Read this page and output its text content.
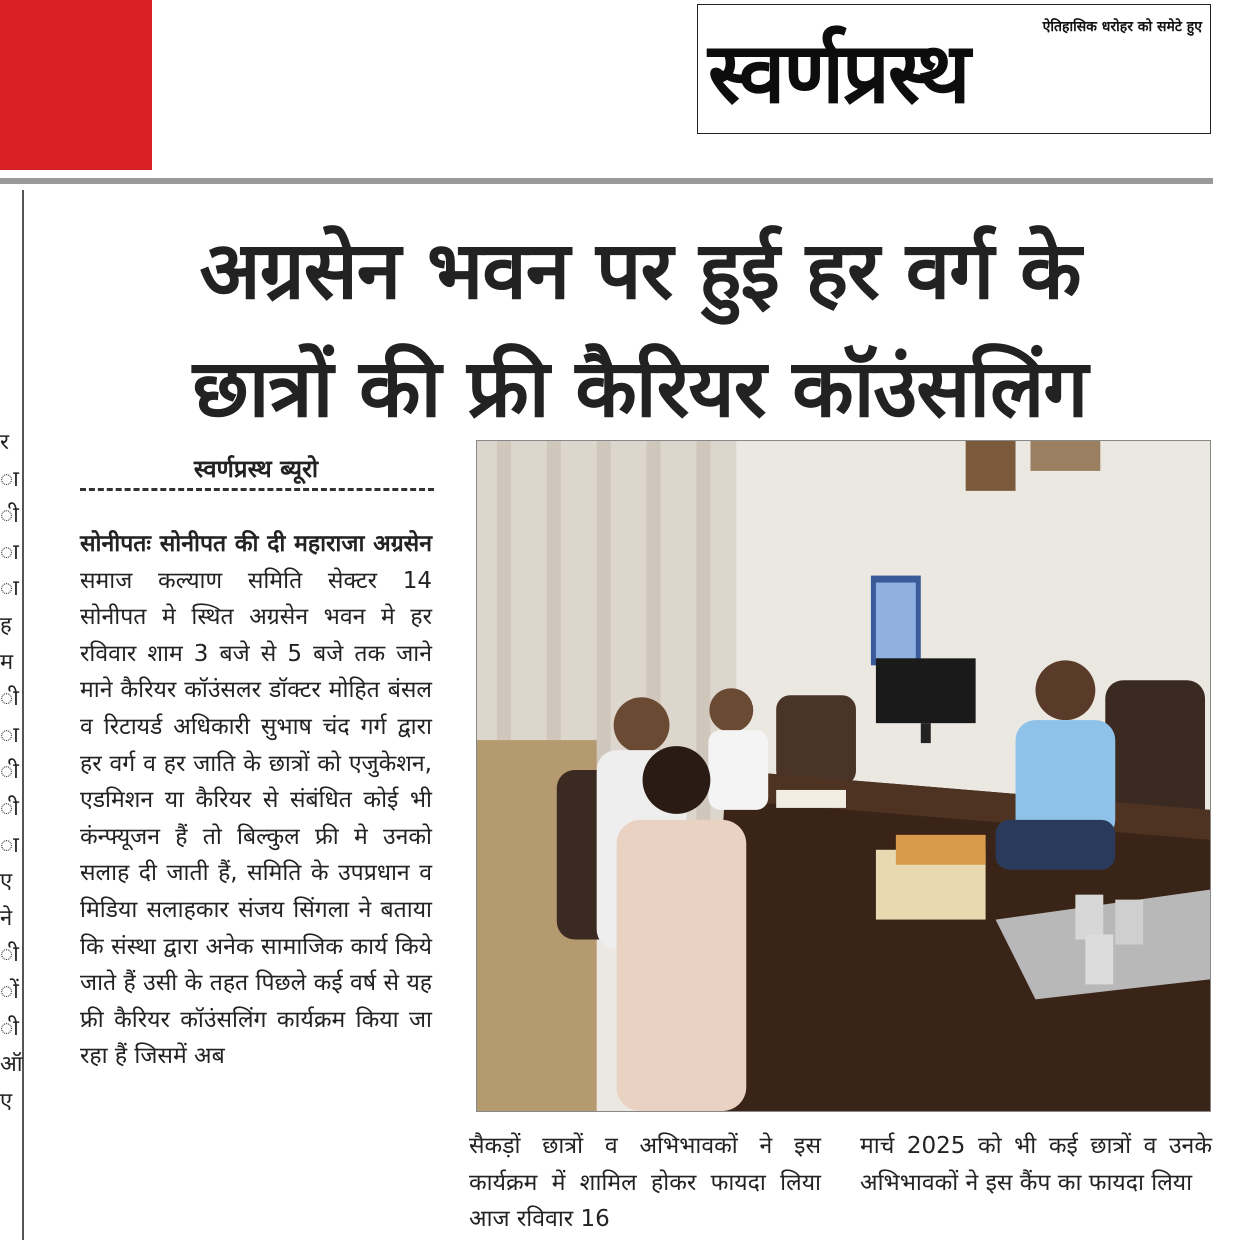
ऐतिहासिक धरोहर को समेटे हुए
स्वर्णप्रस्थ
र
ा
ी
ा
ा
ह
म
ी
ा
ी
ी
ा
ए
ने
ी
ों
ी
ऑ
ए
अग्रसेन भवन पर हुई हर वर्ग के
छात्रों की फ्री कैरियर कॉउंसलिंग
स्वर्णप्रस्थ ब्यूरो
सोनीपतः सोनीपत की दी महाराजा अग्रसेन समाज कल्याण समिति सेक्टर 14 सोनीपत मे स्थित अग्रसेन भवन मे हर रविवार शाम 3 बजे से 5 बजे तक जाने माने कैरियर कॉउंसलर डॉक्टर मोहित बंसल व रिटायर्ड अधिकारी सुभाष चंद गर्ग द्वारा हर वर्ग व हर जाति के छात्रों को एजुकेशन, एडमिशन या कैरियर से संबंधित कोई भी कंन्फ्यूजन हैं तो बिल्कुल फ्री मे उनको सलाह दी जाती हैं, समिति के उपप्रधान व मिडिया सलाहकार संजय सिंगला ने बताया कि संस्था द्वारा अनेक सामाजिक कार्य किये जाते हैं उसी के तहत पिछले कई वर्ष से यह फ्री कैरियर कॉउंसलिंग कार्यक्रम किया जा रहा हैं जिसमें अब
सैकड़ों छात्रों व अभिभावकों ने इस कार्यक्रम में शामिल होकर फायदा लिया आज रविवार 16
मार्च 2025 को भी कई छात्रों व उनके अभिभावकों ने इस कैंप का फायदा लिया
